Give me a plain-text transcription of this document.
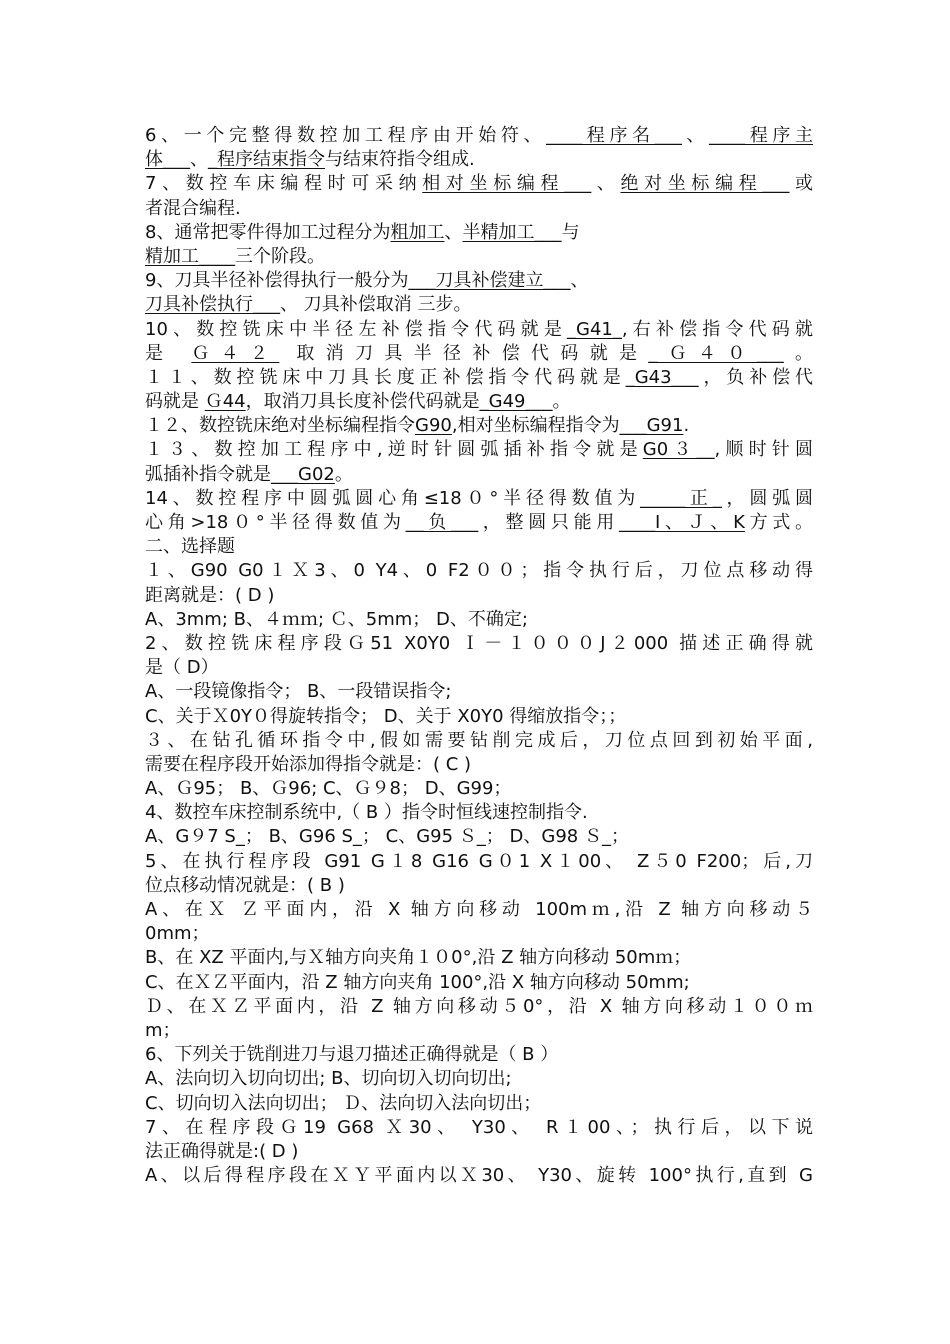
6、一个完整得数控加工程序由开始符、____程序名___、____程序主
体___、_程序结束指令与结束符指令组成.
7、数控车床编程时可采纳相对坐标编程___、绝对坐标编程___或
者混合编程.
8、通常把零件得加工过程分为粗加工、半精加工___与
精加工____三个阶段。
9、刀具半径补偿得执行一般分为___刀具补偿建立___、
刀具补偿执行___、 刀具补偿取消 三步。
10、数控铣床中半径左补偿指令代码就是_G41_,右补偿指令代码就
是 Ｇ４２ 取消刀具半径补偿代码就是_Ｇ４０___。
１１、数控铣床中刀具长度正补偿指令代码就是_G43___，负补偿代
码就是 Ｇ44，取消刀具长度补偿代码就是_G49___。
１２、数控铣床绝对坐标编程指令G90,相对坐标编程指令为___G91.
１３、数控加工程序中,逆时针圆弧插补指令就是G0３__,顺时针圆
弧插补指令就是___G02。
14、数控程序中圆弧圆心角≤18０°半径得数值为_____正_，圆弧圆
心角>18０°半径得数值为__负___，整圆只能用____I、Ｊ、K方式。
二、选择题
１、G90 G0１Ｘ3、0 Y4、0 F2００；指令执行后，刀位点移动得
距离就是：( D )
A、3mm; B、４ｍｍ; Ｃ、5mm； D、不确定;
2、数控铣床程序段Ｇ51 X0Y0 Ｉ－１０００J２000 描述正确得就
是（ D）
A、一段镜像指令； B、一段错误指令;
C、关于Ｘ0Y０得旋转指令； D、关于 X0Y0 得缩放指令；；
３、在钻孔循环指令中,假如需要钻削完成后，刀位点回到初始平面,
需要在程序段开始添加得指令就是：( C )
A、Ｇ95； B、Ｇ96; C、Ｇ９8； D、G99；
4、数控车床控制系统中,（ B ）指令时恒线速控制指令.
A、G９7 S_； B、G96 S_； C、G95 Ｓ_； D、G98 Ｓ_；
5、在执行程序段 G91 G１8 G16 G０1 X１00、 Z５0 F200；后,刀
位点移动情况就是：( B )
A、在Ｘ Ｚ平面内，沿 X 轴方向移动 100mｍ,沿 Z 轴方向移动５
0mm；
B、在 XZ 平面内,与Ｘ轴方向夹角１０0°,沿 Z 轴方向移动 50mｍ；
C、在ＸＺ平面内，沿 Z 轴方向夹角 100°,沿 X 轴方向移动 50mm;
Ｄ、在ＸＺ平面内，沿 Z 轴方向移动５0°，沿 X 轴方向移动１００ｍ
m；
6、下列关于铣削进刀与退刀描述正确得就是（ B ）
A、法向切入切向切出; B、切向切入切向切出;
C、切向切入法向切出； Ｄ、法向切入法向切出；
7、在程序段Ｇ19 G68 Ｘ30、 Y30、 R１00、；执行后，以下说
法正确得就是:( D )
A、以后得程序段在ＸＹ平面内以Ｘ30、 Y30、旋转 100°执行,直到 G
